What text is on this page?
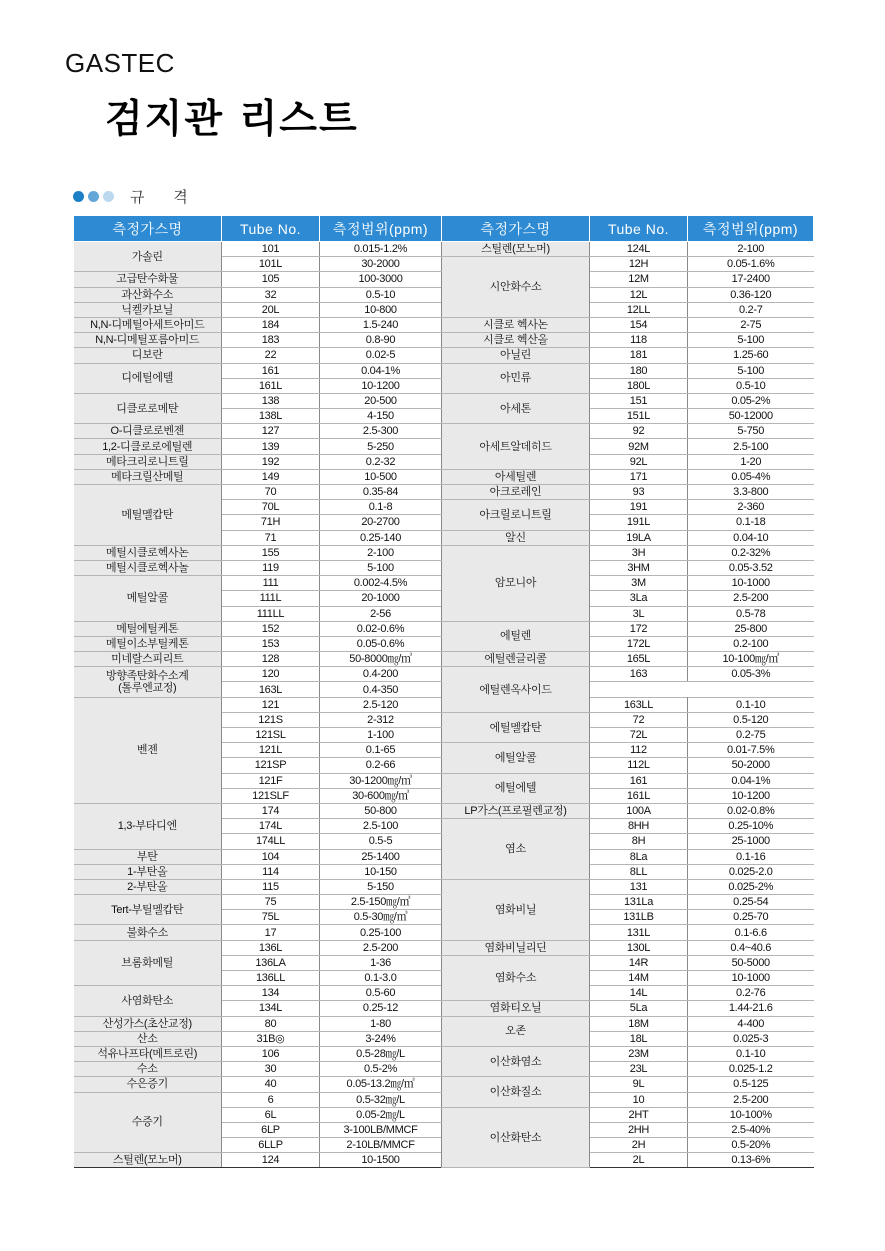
GASTEC
검지관 리스트
규 격
측정가스명	Tube No.	측정범위(ppm)	측정가스명	Tube No.	측정범위(ppm)

가솔린	101	0.015-1.2%	스틸렌(모노머)	124L	2-100
	101L	30-2000	시안화수소	12H	0.05-1.6%

고급탄수화물	105	100-3000		12M	17-2400

과산화수소	32	0.5-10		12L	0.36-120

닉켈카보닐	20L	10-800		12LL	0.2-7

N,N-디메틸아세트아미드	184	1.5-240	시클로 헥사논	154	2-75

N,N-디메틸포름아미드	183	0.8-90	시클로 헥산올	118	5-100

디보란	22	0.02-5	아닐린	181	1.25-60

디에틸에텔	161	0.04-1%	아민류	180	5-100
	161L	10-1200		180L	0.5-10

디클로로메탄	138	20-500	아세톤	151	0.05-2%
	138L	4-150		151L	50-12000

O-디클로로벤젠	127	2.5-300	아세트알데히드	92	5-750

1,2-디클로로에틸렌	139	5-250		92M	2.5-100

메타크리로니트릴	192	0.2-32		92L	1-20

메타크릴산메틸	149	10-500	아세틸렌	171	0.05-4%

메틸멜캅탄	70	0.35-84	아크로레인	93	3.3-800
	70L	0.1-8	아크릴로니트릴	191	2-360
	71H	20-2700		191L	0.1-18
	71	0.25-140	알신	19LA	0.04-10

메틸시클로헥사논	155	2-100	암모니아	3H	0.2-32%

메틸시클로헥사놀	119	5-100		3HM	0.05-3.52

메틸알콜	111	0.002-4.5%		3M	10-1000
	111L	20-1000		3La	2.5-200
	111LL	2-56		3L	0.5-78

메틸에틸케톤	152	0.02-0.6%	에틸렌	172	25-800

메틸이소부틸케톤	153	0.05-0.6%		172L	0.2-100

미네랄스피리트	128	50-8000㎎/㎥	에틸렌글리콜	165L	10-100㎎/㎥

방향족탄화수소계
(톨루엔교정)	120	0.4-200	에틸렌옥사이드	163	0.05-3%
	163L	0.4-350			

벤젠	121	2.5-120		163LL	0.1-10
	121S	2-312	에틸멜캅탄	72	0.5-120
	121SL	1-100		72L	0.2-75
	121L	0.1-65	에틸알콜	112	0.01-7.5%
	121SP	0.2-66		112L	50-2000
	121F	30-1200㎎/㎥	에틸에텔	161	0.04-1%
	121SLF	30-600㎎/㎥		161L	10-1200

1,3-부타디엔	174	50-800	LP가스(프로필렌교정)	100A	0.02-0.8%
	174L	2.5-100	염소	8HH	0.25-10%
	174LL	0.5-5		8H	25-1000

부탄	104	25-1400		8La	0.1-16

1-부탄올	114	10-150		8LL	0.025-2.0

2-부탄올	115	5-150	염화비닐	131	0.025-2%

Tert-부틸멜캅탄	75	2.5-150㎎/㎥		131La	0.25-54
	75L	0.5-30㎎/㎥		131LB	0.25-70

불화수소	17	0.25-100		131L	0.1-6.6

브롬화메틸	136L	2.5-200	염화비닐리딘	130L	0.4~40.6
	136LA	1-36	염화수소	14R	50-5000
	136LL	0.1-3.0		14M	10-1000

사염화탄소	134	0.5-60		14L	0.2-76
	134L	0.25-12	염화티오닐	5La	1.44-21.6

산성가스(초산교정)	80	1-80	오존	18M	4-400

산소	31B◎	3-24%		18L	0.025-3

석유나프타(메트로린)	106	0.5-28㎎/L	이산화염소	23M	0.1-10

수소	30	0.5-2%		23L	0.025-1.2

수은증기	40	0.05-13.2㎎/㎥	이산화질소	9L	0.5-125

수증기	6	0.5-32㎎/L		10	2.5-200
	6L	0.05-2㎎/L	이산화탄소	2HT	10-100%
	6LP	3-100LB/MMCF		2HH	2.5-40%
	6LLP	2-10LB/MMCF		2H	0.5-20%

스틸렌(모노머)	124	10-1500		2L	0.13-6%
